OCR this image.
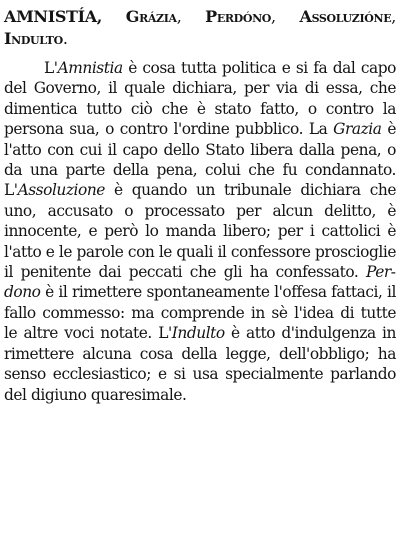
AMNISTÍA, Grázia, Perdóno, Assoluzióne, Indulto.

L'Amnistia è cosa tutta politica e si fa dal capo del Governo, il quale dichiara, per via di essa, che dimentica tutto ciò che è stato fatto, o contro la persona sua, o contro l'ordine pubblico. La Grazia è l'atto con cui il capo dello Stato libera dalla pena, o da una parte della pena, colui che fu condannato. L'Assoluzione è quando un tribunale dichiara che uno, accusato o processato per alcun delitto, è innocente, e però lo manda libero; per i cattolici è l'atto e le parole con le quali il confessore proscioglie il penitente dai peccati che gli ha confessato. Perdono è il rimettere spontaneamente l'offesa fattaci, il fallo commesso: ma comprende in sè l'idea di tutte le altre voci notate. L'Indulto è atto d'indulgenza in rimettere alcuna cosa della legge, dell'obbligo; ha senso ecclesiastico; e si usa specialmente parlando del digiuno quaresimale.
